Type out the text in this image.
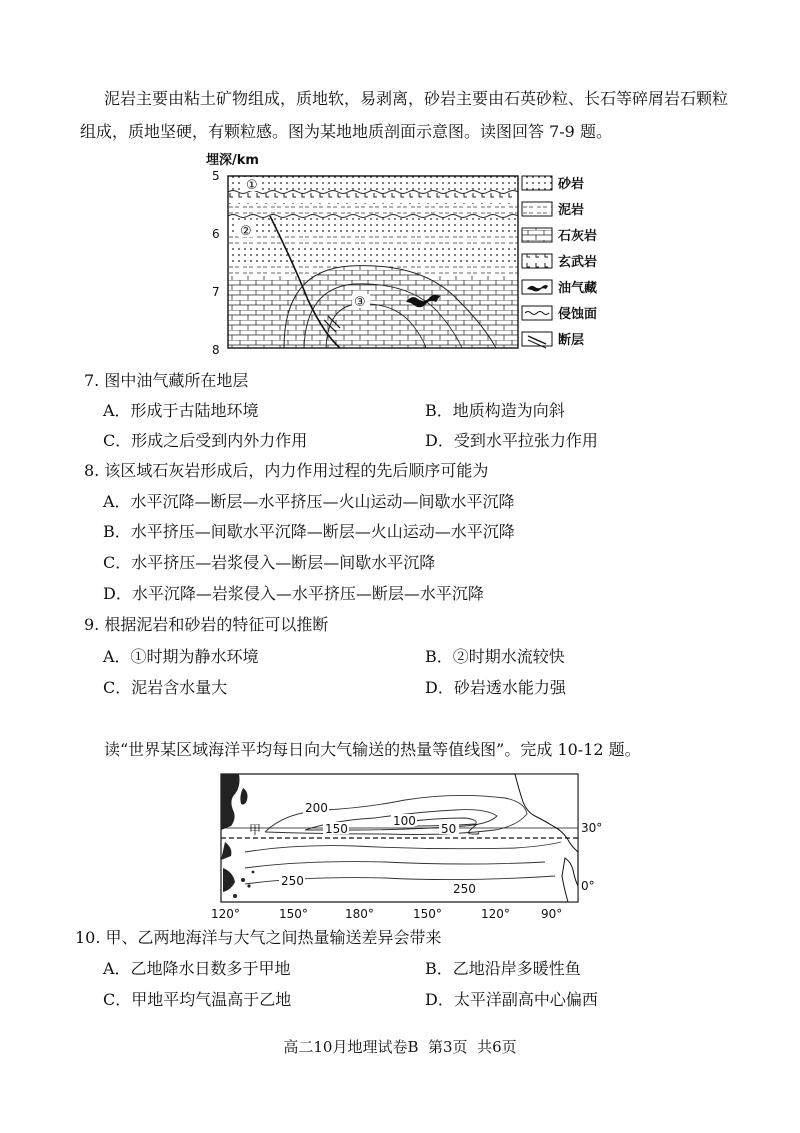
泥岩主要由粘土矿物组成，质地软，易剥离，砂岩主要由石英砂粒、长石等碎屑岩石颗粒
组成，质地坚硬，有颗粒感。图为某地地质剖面示意图。读图回答 7-9 题。
埋深/km
5
6
7
8
①
②
③
砂岩
泥岩
石灰岩
玄武岩
油气藏
侵蚀面
断层
7. 图中油气藏所在地层
A．形成于古陆地环境	B．地质构造为向斜
C．形成之后受到内外力作用	D．受到水平拉张力作用
8. 该区域石灰岩形成后，内力作用过程的先后顺序可能为
A．水平沉降—断层—水平挤压—火山运动—间歇水平沉降
B．水平挤压—间歇水平沉降—断层—火山运动—水平沉降
C．水平挤压—岩浆侵入—断层—间歇水平沉降
D．水平沉降—岩浆侵入—水平挤压—断层—水平沉降
9. 根据泥岩和砂岩的特征可以推断
A．①时期为静水环境	B．②时期水流较快
C．泥岩含水量大	D．砂岩透水能力强
读“世界某区域海洋平均每日向大气输送的热量等值线图”。完成 10-12 题。
200
150
100
50
250
250
甲	乙	30°
0°
120°	150°	180°	150°	120°	90°
10. 甲、乙两地海洋与大气之间热量输送差异会带来
A．乙地降水日数多于甲地	B．乙地沿岸多暖性鱼
C．甲地平均气温高于乙地	D．太平洋副高中心偏西
高二10月地理试卷B  第3页  共6页
